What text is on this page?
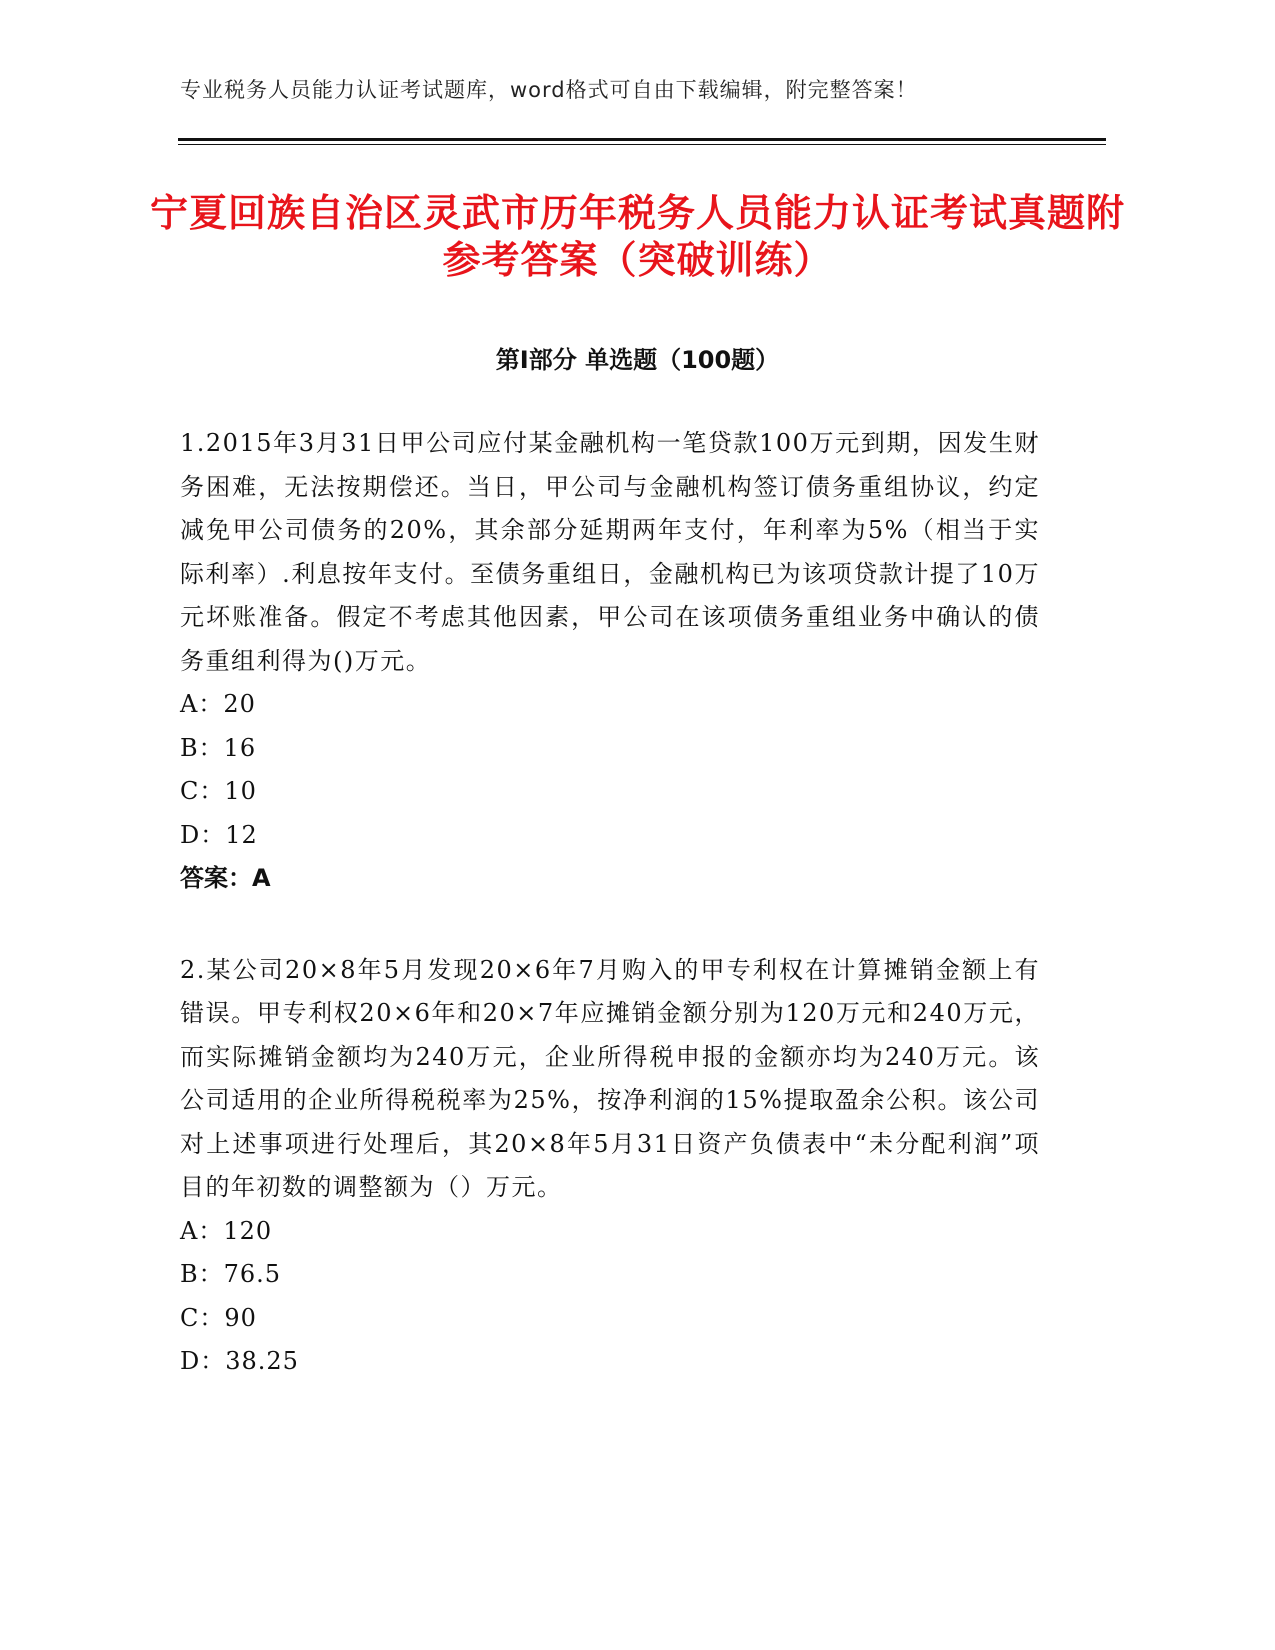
专业税务人员能力认证考试题库，word格式可自由下载编辑，附完整答案！
宁夏回族自治区灵武市历年税务人员能力认证考试真题附参考答案（突破训练）
第Ⅰ部分 单选题（100题）

1.2015年3月31日甲公司应付某金融机构一笔贷款100万元到期，因发生财务困难，无法按期偿还。当日，甲公司与金融机构签订债务重组协议，约定减免甲公司债务的20%，其余部分延期两年支付，年利率为5%（相当于实际利率）.利息按年支付。至债务重组日，金融机构已为该项贷款计提了10万元坏账准备。假定不考虑其他因素，甲公司在该项债务重组业务中确认的债务重组利得为()万元。

A：20

B：16

C：10

D：12

答案：A

2.某公司20×8年5月发现20×6年7月购入的甲专利权在计算摊销金额上有错误。甲专利权20×6年和20×7年应摊销金额分别为120万元和240万元，而实际摊销金额均为240万元，企业所得税申报的金额亦均为240万元。该公司适用的企业所得税税率为25%，按净利润的15%提取盈余公积。该公司对上述事项进行处理后，其20×8年5月31日资产负债表中“未分配利润”项目的年初数的调整额为（）万元。

A：120

B：76.5

C：90

D：38.25
